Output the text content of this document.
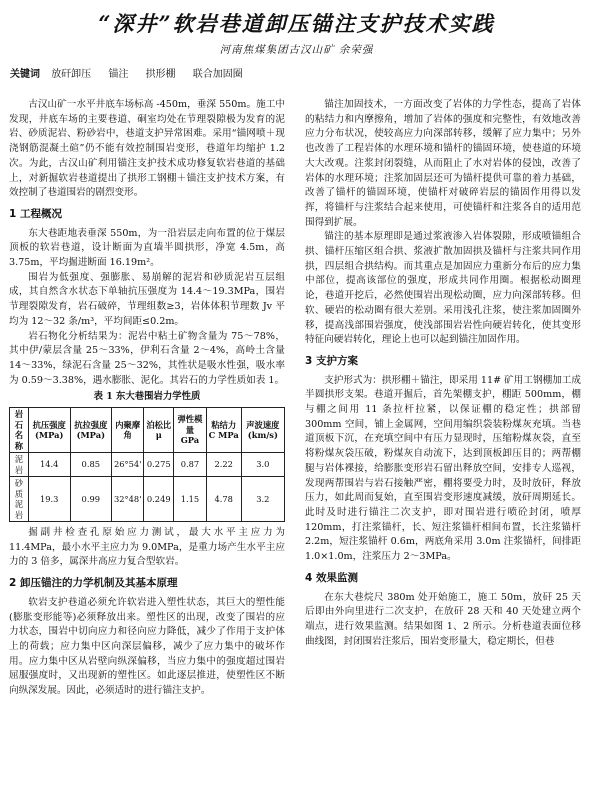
“深井”软岩巷道卸压锚注支护技术实践
河南焦煤集团古汉山矿 余荣强
关键词 放矸卸压 锚注 拱形棚 联合加固圈

古汉山矿一水平井底车场标高 -450m，垂深 550m。施工中发现，井底车场的主要巷道、硐室均处在节理裂隙极为发育的泥岩、砂质泥岩、粉砂岩中，巷道支护异常困难。采用“锚网喷＋现浇钢筋混凝土碹”仍不能有效控制围岩变形，巷道年均缩护 1.2 次。为此，古汉山矿利用锚注支护技术成功修复软岩巷道的基础上，对新掘软岩巷道提出了拱形工钢棚＋锚注支护技术方案，有效控制了巷道围岩的剧烈变形。

1 工程概况

东大巷距地表垂深 550m，为一沿岩层走向布置的位于煤层顶板的软岩巷道，设计断面为直墙半圆拱形，净宽 4.5m，高 3.75m，平均掘进断面 16.19m²。

围岩为低强度、强膨胀、易崩解的泥岩和砂质泥岩互层组成，其自然含水状态下单轴抗压强度为 14.4～19.3MPa，围岩节理裂隙发育，岩石破碎，节理组数≥3，岩体体积节理数 Jv 平均为 12～32 条/m³，平均间距≤0.2m。

岩石物化分析结果为：泥岩中粘土矿物含量为 75～78%，其中伊/蒙层含量 25～33%，伊利石含量 2～4%，高岭土含量 14～33%，绿泥石含量 25～32%，其性状是吸水性强，吸水率为 0.59～3.38%，遇水膨胀、泥化。其岩石的力学性质如表 1。

表 1 东大巷围岩力学性质
岩石名称	抗压强度(MPa)	抗拉强度(MPa)	内聚摩角	泊松比 μ	弹性模量 GPa	粘结力 C MPa	声波速度(km/s)
泥岩	14.4	0.85	26°54'	0.275	0.87	2.22	3.0
砂质泥岩	19.3	0.99	32°48'	0.249	1.15	4.78	3.2

掘副井检查孔原始应力测试，最大水平主应力为 11.4MPa，最小水平主应力为 9.0MPa，是重力场产生水平主应力的 3 倍多，属深井高应力复合型软岩。

2 卸压锚注的力学机制及其基本原理

软岩支护巷道必须允许软岩进入塑性状态，其巨大的塑性能(膨胀变形能等)必须释放出来。塑性区的出现，改变了围岩的应力状态，围岩中切向应力和径向应力降低，减少了作用于支护体上的荷载；应力集中区向深层偏移，减少了应力集中的破坏作用。应力集中区从岩壁向纵深偏移，当应力集中的强度超过围岩屈服强度时，又出现新的塑性区。如此逐层推进，使塑性区不断向纵深发展。因此，必须适时的进行锚注支护。

锚注加固技术，一方面改变了岩体的力学性态，提高了岩体的粘结力和内摩擦角，增加了岩体的强度和完整性，有效地改善应力分布状况，使较高应力向深部转移，缓解了应力集中；另外也改善了工程岩体的水理环境和锚杆的锚固环境，使巷道的环境大大改观。注浆封闭裂缝，从而阻止了水对岩体的侵蚀，改善了岩体的水理环境；注浆加固层还可为锚杆提供可靠的着力基础，改善了锚杆的锚固环境，使锚杆对破碎岩层的锚固作用得以发挥，将锚杆与注浆结合起来使用，可使锚杆和注浆各自的适用范围得到扩展。

锚注的基本原理即是通过浆液渗入岩体裂隙，形成喷锚组合拱、锚杆压缩区组合拱、浆液扩散加固拱及锚杆与注浆共同作用拱，四层组合拱结构。而其重点是加固应力重新分布后的应力集中部位，提高该部位的强度，形成共同作用圈。根据松动圈理论，巷道开挖后，必然使围岩出现松动圈，应力向深部转移。但软、硬岩的松动圈有很大差别。采用浅孔注浆，使注浆加固圈外移，提高浅部围岩强度，使浅部围岩岩性向硬岩转化，使其变形特征向硬岩转化，理论上也可以起到锚注加固作用。

3 支护方案

支护形式为：拱形棚＋锚注，即采用 11# 矿用工钢棚加工成半圆拱形支架。巷道开掘后，首先架棚支护，棚距 500mm，棚与棚之间用 11 条拉杆拉紧，以保证棚的稳定性；拱部留 300mm 空间，铺上金属网，空间用编织袋装粉煤灰充填。当巷道顶板下沉，在充填空间中有压力显现时，压缩粉煤灰袋，直至将粉煤灰袋压破，粉煤灰自动流下，达到顶板卸压目的；两帮棚腿与岩体裸接，给膨胀变形岩石留出释放空间，安排专人巡视，发现两帮围岩与岩石接触严密，棚将要受力时，及时放矸，释放压力，如此周而复始，直至围岩变形速度减缓，放矸周期延长。此时及时进行锚注二次支护，即对围岩进行喷砼封闭，喷厚 120mm，打注浆锚杆，长、短注浆锚杆相间布置，长注浆锚杆 2.2m，短注浆锚杆 0.6m，两底角采用 3.0m 注浆锚杆，间排距 1.0×1.0m，注浆压力 2～3MPa。

4 效果监测

在东大巷烷尺 380m 处开始施工，施工 50m，放矸 25 天后即由外向里进行二次支护，在放矸 28 天和 40 天处建立两个端点，进行效果监测。结果如图 1、2 所示。分析巷道表面位移曲线图，封闭围岩注浆后，围岩变形量大，稳定期长，但巷
